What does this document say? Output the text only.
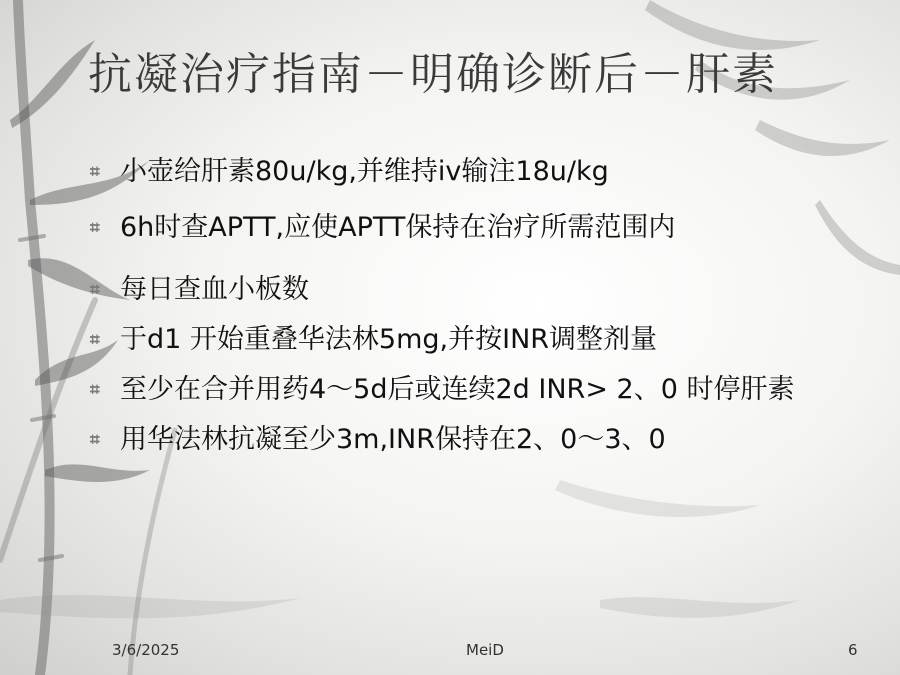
抗凝治疗指南－明确诊断后－肝素
⌗ 小壶给肝素80u/kg,并维持iv输注18u/kg
⌗ 6h时查APTT,应使APTT保持在治疗所需范围内
⌗ 每日查血小板数
⌗ 于d1 开始重叠华法林5mg,并按INR调整剂量
⌗ 至少在合并用药4～5d后或连续2d INR> 2、0 时停肝素
⌗ 用华法林抗凝至少3m,INR保持在2、0～3、0
3/6/2025	MeiD	6
